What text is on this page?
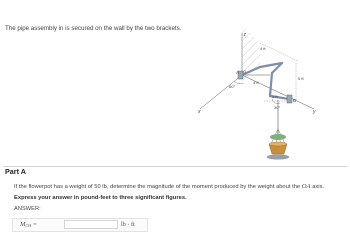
The pipe assembly in is secured on the wall by the two brackets.
z
x	y
A O
B
4 ft
4 ft
5 ft
3 ft
60°
30°
Part A
If the flowerpot has a weight of 50 lb, determine the magnitude of the moment produced by the weight about the OA axis.
Express your answer in pound-feet to three significant figures.
ANSWER:
$M_{OA}$ =	lb · ft
